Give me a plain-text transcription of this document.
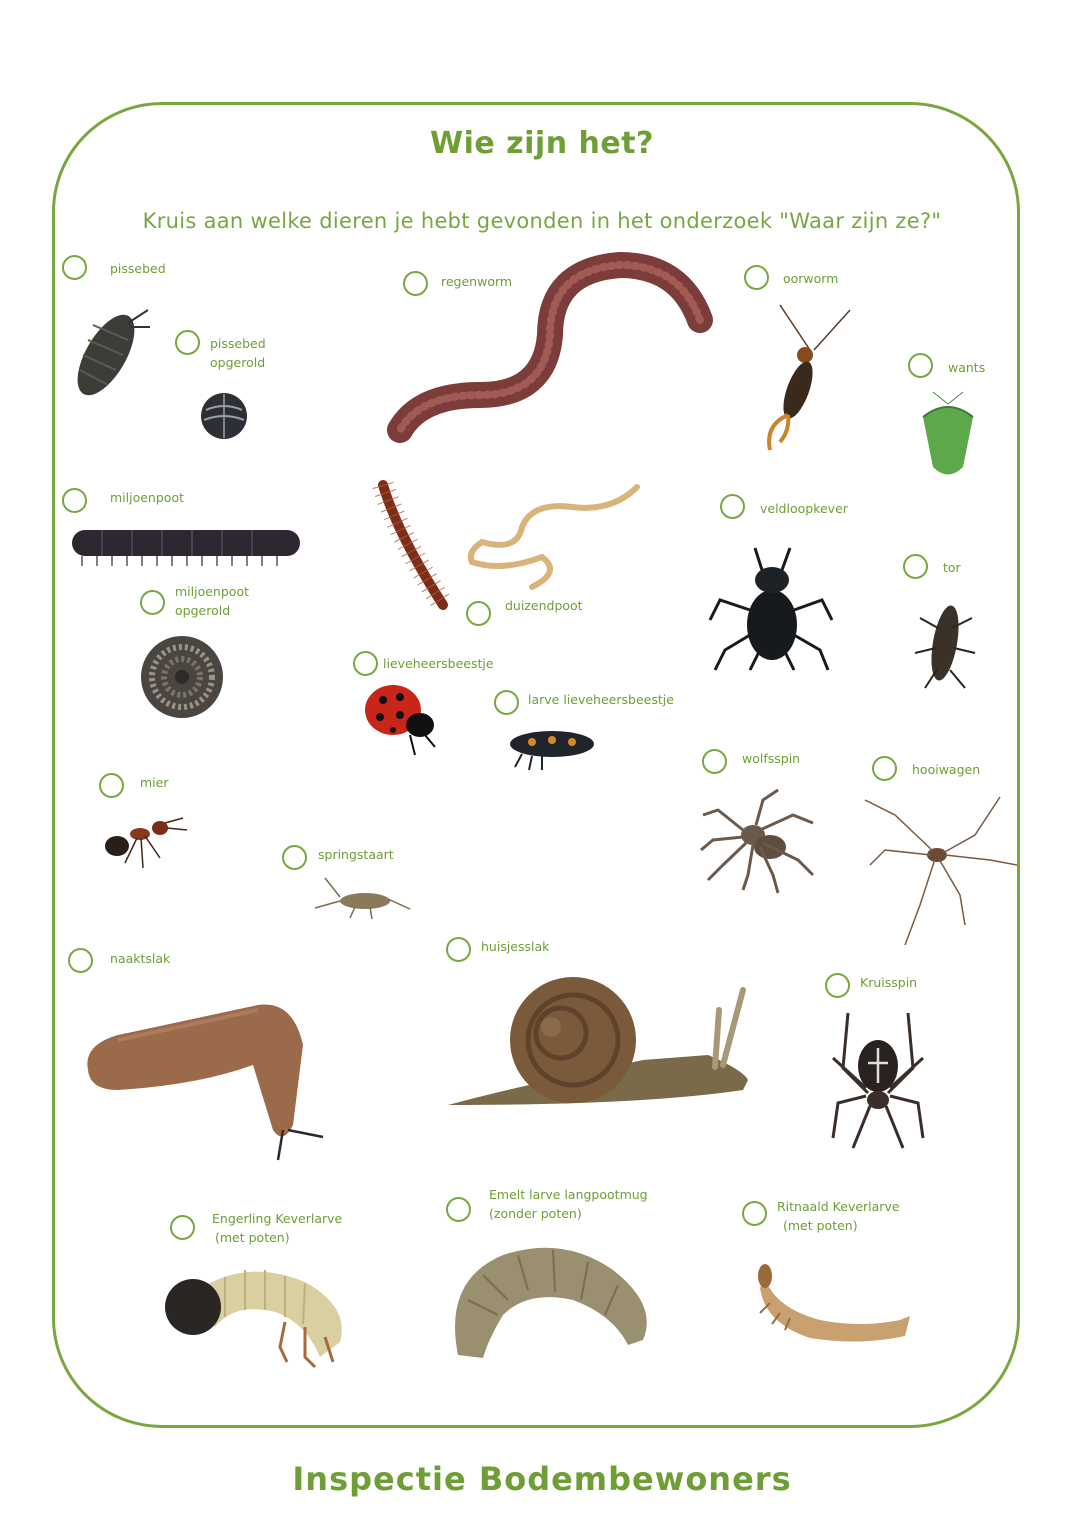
Wie zijn het?
Kruis aan welke dieren je hebt gevonden in het onderzoek "Waar zijn ze?"
pissebed
pissebed
opgerold
regenworm	oorworm
wants
miljoenpoot
miljoenpoot
opgerold	duizendpoot
veldloopkever
tor
lieveheersbeestje
larve lieveheersbeestje
wolfsspin
hooiwagen
mier
springstaart
naaktslak
huisjesslak
Kruisspin
Engerling Keverlarve
(met poten)
Emelt larve langpootmug
(zonder poten)	Ritnaald Keverlarve
(met poten)
Inspectie Bodembewoners
